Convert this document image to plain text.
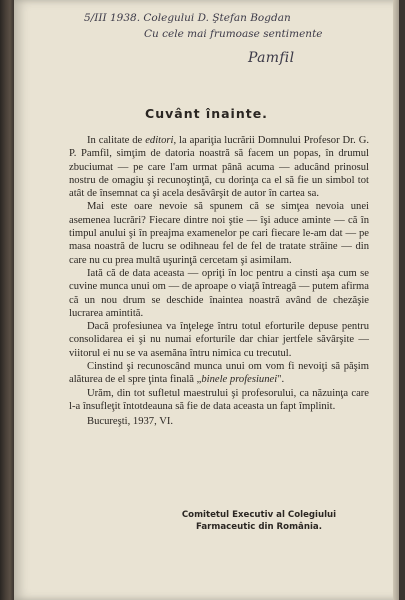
5/III 1938. Colegului D. Ştefan Bogdan
Cu cele mai frumoase sentimente
Pamfil
Cuvânt înainte.

In calitate de editori, la apariţia lucrării Domnului Profesor Dr. G. P. Pamfil, simţim de datoria noastră să facem un popas, în drumul zbuciumat — pe care l'am urmat până acuma — aducând prinosul nostru de omagiu şi recunoştinţă, cu dorinţa ca el să fie un simbol tot atât de însemnat ca şi acela desăvârşit de autor în cartea sa.

Mai este oare nevoie să spunem că se simţea nevoia unei asemenea lucrări? Fiecare dintre noi ştie — îşi aduce aminte — că în timpul anului şi în preajma examenelor pe cari fiecare le-am dat — pe masa noastră de lucru se odihneau fel de fel de tratate străine — din care nu cu prea multă uşurinţă cercetam şi asimilam.

Iată că de data aceasta — opriţi în loc pentru a cinsti aşa cum se cuvine munca unui om — de aproape o viaţă întreagă — putem afirma că un nou drum se deschide înaintea noastră având de chezăşie lucrarea amintită.

Dacă profesiunea va înţelege întru totul eforturile depuse pentru consolidarea ei şi nu numai eforturile dar chiar jertfele săvârşite — viitorul ei nu se va asemăna întru nimica cu trecutul.

Cinstind şi recunoscând munca unui om vom fi nevoiţi să păşim alăturea de el spre ţinta finală „binele profesiunei".

Urăm, din tot sufletul maestrului şi profesorului, ca năzuinţa care l-a însufleţit întotdeauna să fie de data aceasta un fapt împlinit.

Bucureşti, 1937, VI.

Comitetul Executiv al Colegiului
Farmaceutic din România.
